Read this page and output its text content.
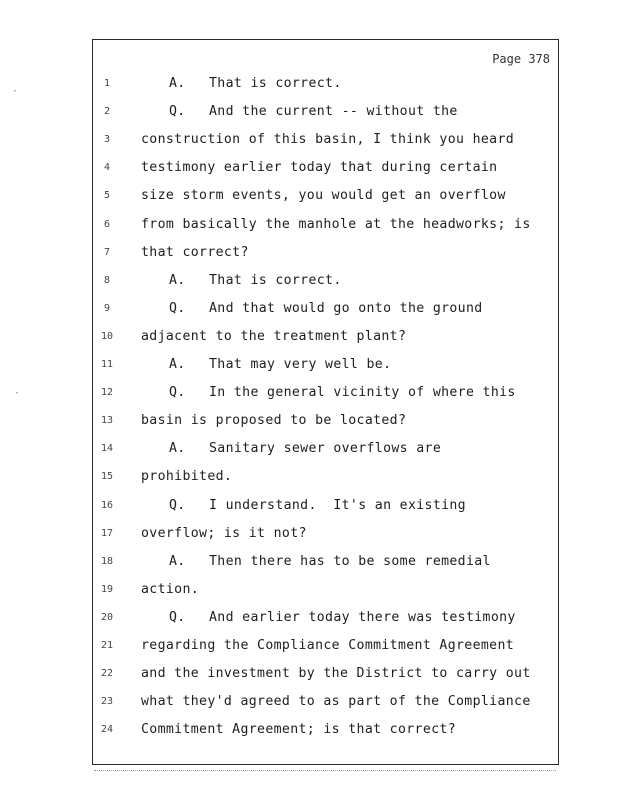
Page 378
1	A. That is correct.
2	Q. And the current -- without the
3	construction of this basin, I think you heard
4	testimony earlier today that during certain
5	size storm events, you would get an overflow
6	from basically the manhole at the headworks; is
7	that correct?
8	A. That is correct.
9	Q. And that would go onto the ground
10	adjacent to the treatment plant?
11	A. That may very well be.
12	Q. In the general vicinity of where this
13	basin is proposed to be located?
14	A. Sanitary sewer overflows are
15	prohibited.
16	Q. I understand.  It's an existing
17	overflow; is it not?
18	A. Then there has to be some remedial
19	action.
20	Q. And earlier today there was testimony
21	regarding the Compliance Commitment Agreement
22	and the investment by the District to carry out
23	what they'd agreed to as part of the Compliance
24	Commitment Agreement; is that correct?
·
·
